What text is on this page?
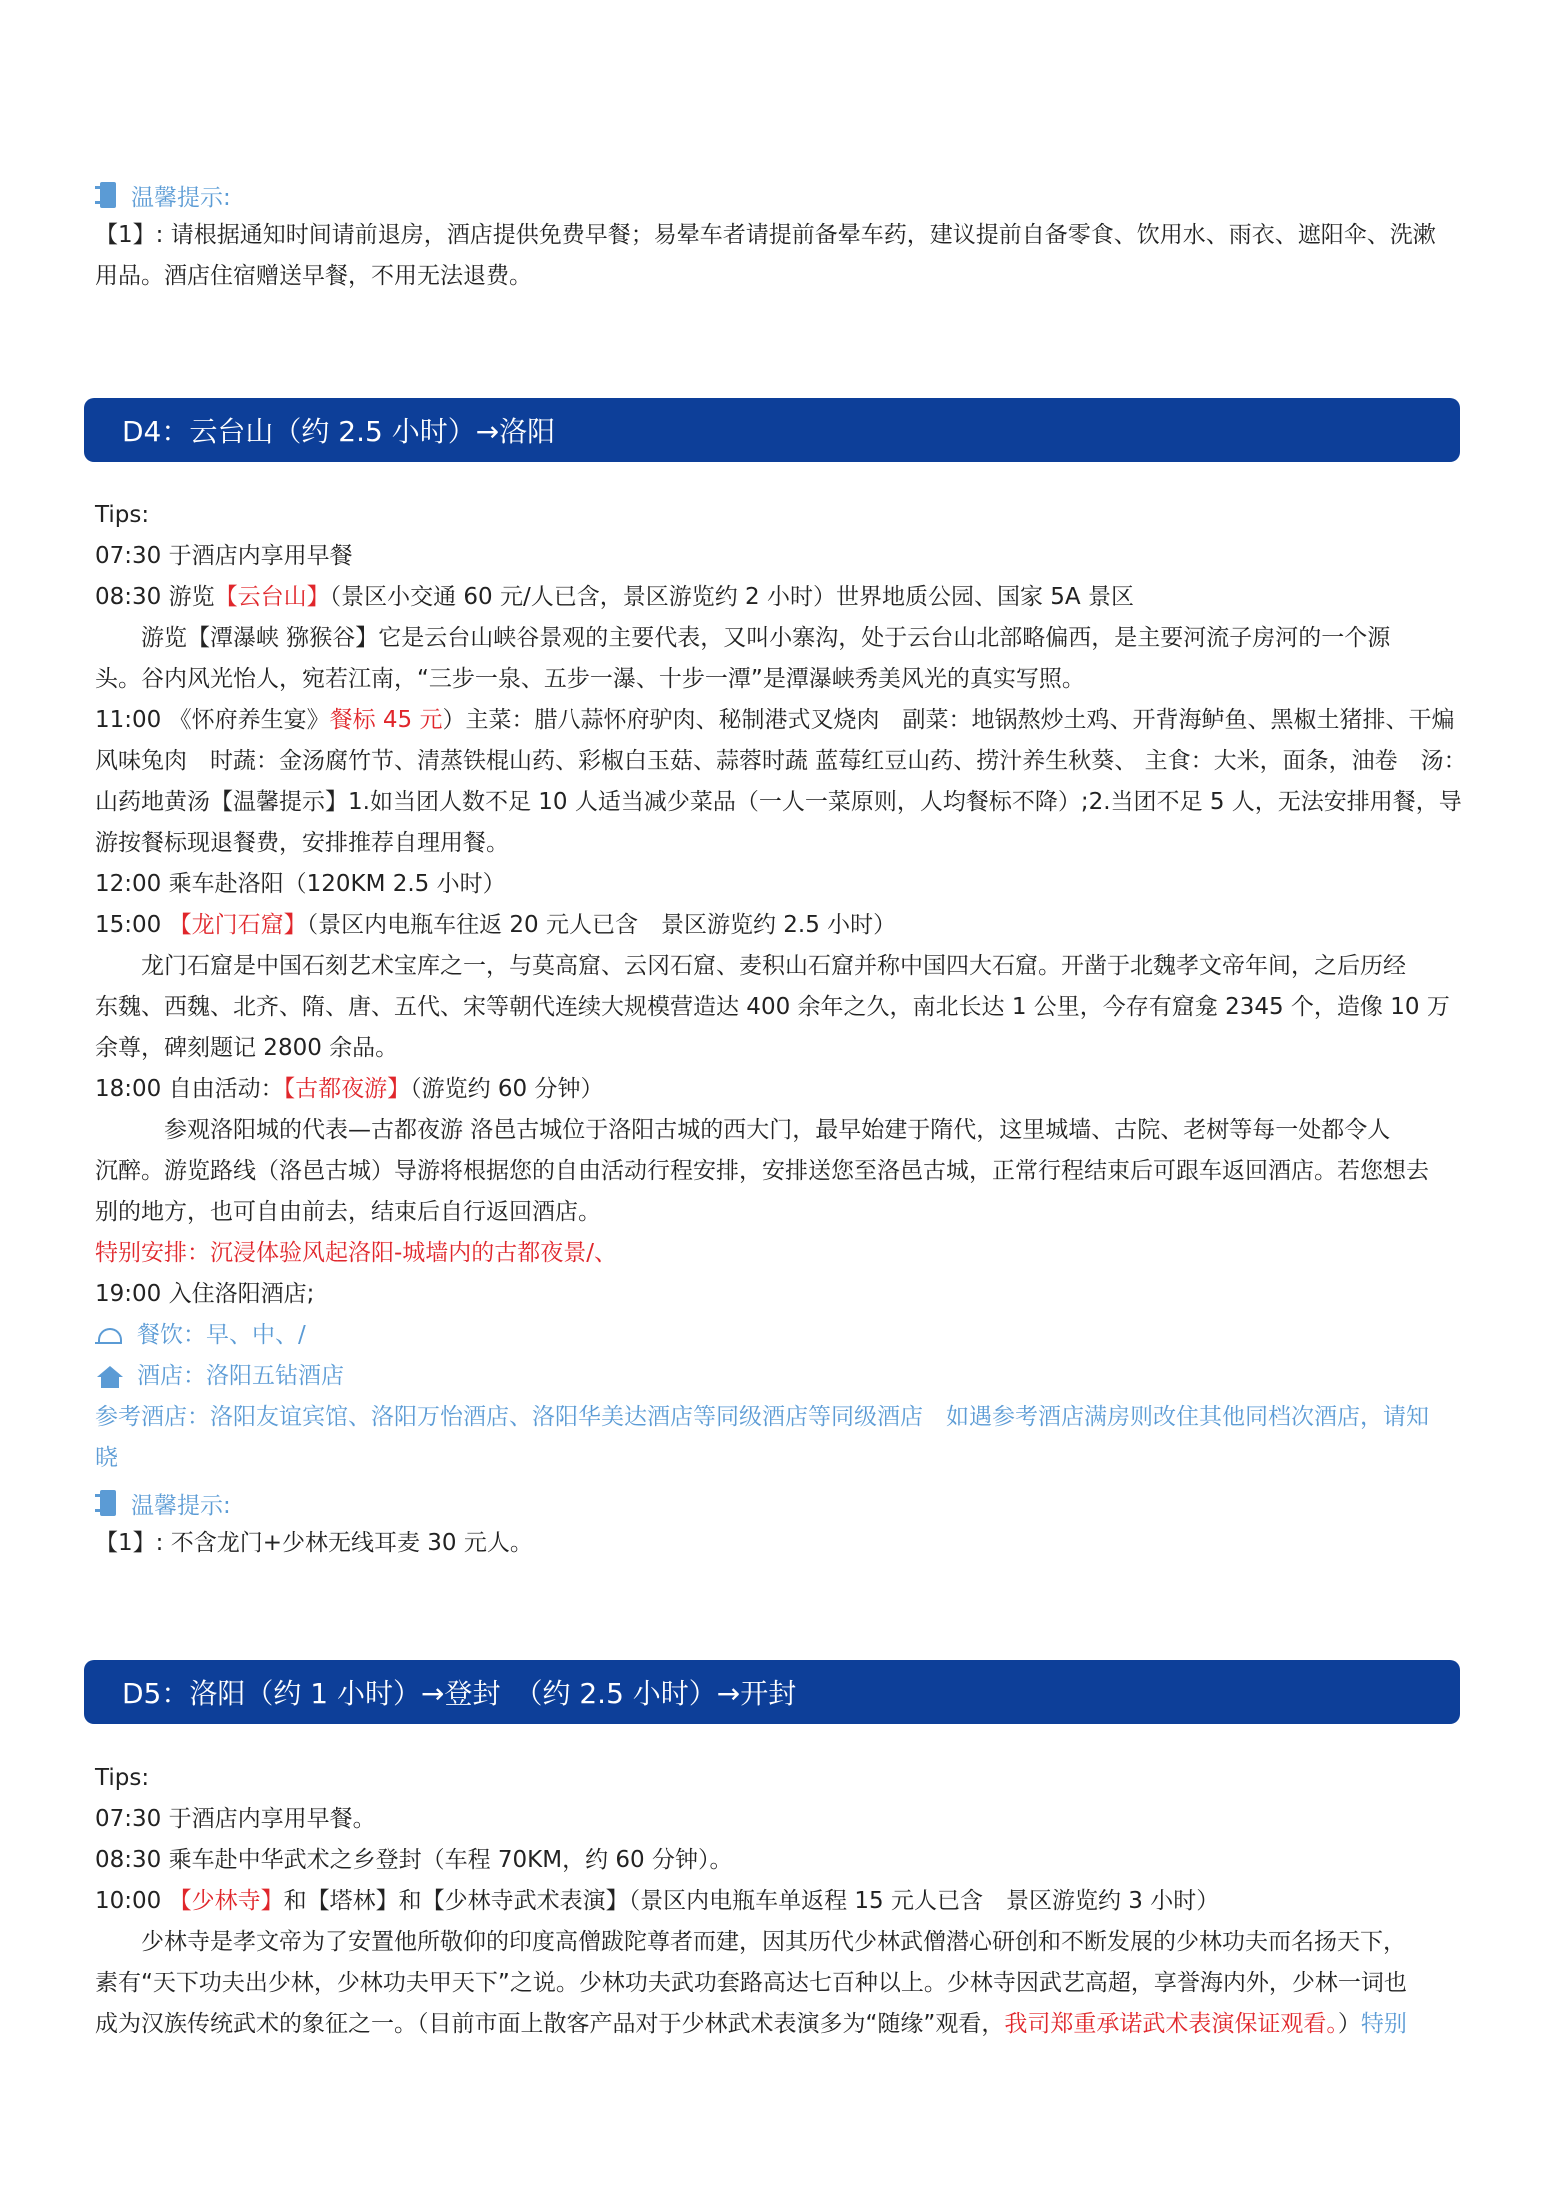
温馨提示:
【1】: 请根据通知时间请前退房，酒店提供免费早餐；易晕车者请提前备晕车药，建议提前自备零食、饮用水、雨衣、遮阳伞、洗漱
用品。酒店住宿赠送早餐，不用无法退费。
D4：云台山（约 2.5 小时）→洛阳
Tips:
07:30 于酒店内享用早餐
08:30 游览【云台山】（景区小交通 60 元/人已含，景区游览约 2 小时）世界地质公园、国家 5A 景区
游览【潭瀑峡 猕猴谷】它是云台山峡谷景观的主要代表，又叫小寨沟，处于云台山北部略偏西，是主要河流子房河的一个源
头。谷内风光怡人，宛若江南，“三步一泉、五步一瀑、十步一潭”是潭瀑峡秀美风光的真实写照。
11:00 《怀府养生宴》餐标 45 元）主菜：腊八蒜怀府驴肉、秘制港式叉烧肉　副菜：地锅熬炒土鸡、开背海鲈鱼、黑椒土猪排、干煸
风味兔肉　时蔬：金汤腐竹节、清蒸铁棍山药、彩椒白玉菇、蒜蓉时蔬 蓝莓红豆山药、捞汁养生秋葵、 主食：大米，面条，油卷　汤：
山药地黄汤【温馨提示】1.如当团人数不足 10 人适当减少菜品（一人一菜原则，人均餐标不降）;2.当团不足 5 人，无法安排用餐，导
游按餐标现退餐费，安排推荐自理用餐。
12:00 乘车赴洛阳（120KM 2.5 小时）
15:00 【龙门石窟】（景区内电瓶车往返 20 元人已含　景区游览约 2.5 小时）
龙门石窟是中国石刻艺术宝库之一，与莫高窟、云冈石窟、麦积山石窟并称中国四大石窟。开凿于北魏孝文帝年间，之后历经
东魏、西魏、北齐、隋、唐、五代、宋等朝代连续大规模营造达 400 余年之久，南北长达 1 公里，今存有窟龛 2345 个，造像 10 万
余尊，碑刻题记 2800 余品。
18:00 自由活动：【古都夜游】（游览约 60 分钟）
参观洛阳城的代表—古都夜游 洛邑古城位于洛阳古城的西大门，最早始建于隋代，这里城墙、古院、老树等每一处都令人
沉醉。游览路线（洛邑古城）导游将根据您的自由活动行程安排，安排送您至洛邑古城，正常行程结束后可跟车返回酒店。若您想去
别的地方，也可自由前去，结束后自行返回酒店。
特别安排：沉浸体验风起洛阳-城墙内的古都夜景/、
19:00 入住洛阳酒店;
餐饮：早、中、/
酒店：洛阳五钻酒店
参考酒店：洛阳友谊宾馆、洛阳万怡酒店、洛阳华美达酒店等同级酒店等同级酒店　如遇参考酒店满房则改住其他同档次酒店，请知
晓
温馨提示:
【1】: 不含龙门+少林无线耳麦 30 元人。
D5：洛阳（约 1 小时）→登封　（约 2.5 小时）→开封
Tips:
07:30 于酒店内享用早餐。
08:30 乘车赴中华武术之乡登封（车程 70KM，约 60 分钟）。
10:00 【少林寺】和【塔林】和【少林寺武术表演】（景区内电瓶车单返程 15 元人已含　景区游览约 3 小时）
少林寺是孝文帝为了安置他所敬仰的印度高僧跋陀尊者而建，因其历代少林武僧潜心研创和不断发展的少林功夫而名扬天下，
素有“天下功夫出少林，少林功夫甲天下”之说。少林功夫武功套路高达七百种以上。少林寺因武艺高超，享誉海内外，少林一词也
成为汉族传统武术的象征之一。（目前市面上散客产品对于少林武术表演多为“随缘”观看，我司郑重承诺武术表演保证观看。）特别
